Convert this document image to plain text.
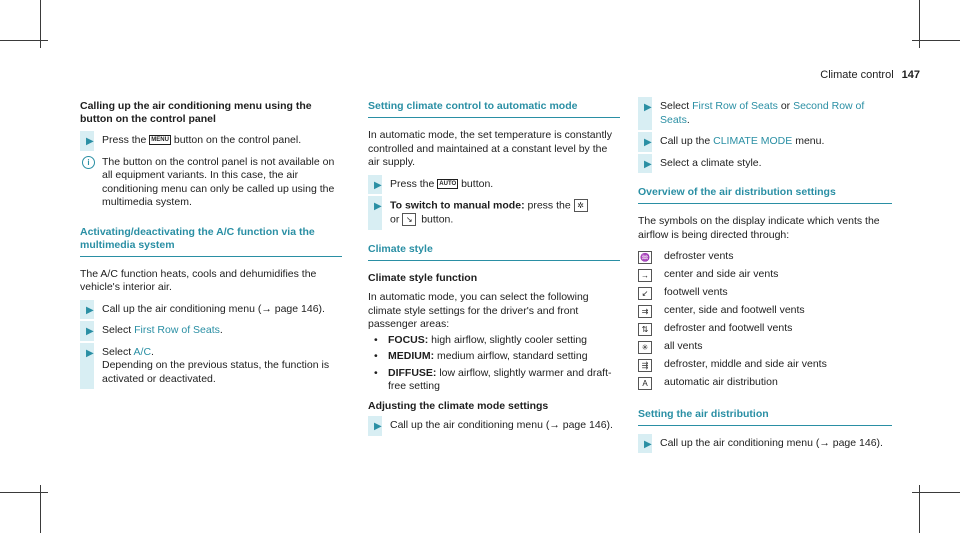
Climate control 147
Calling up the air conditioning menu using the button on the control panel
▶ Press the MENU button on the control panel.
i	The button on the control panel is not available on all equipment variants. In this case, the air conditioning menu can only be called up using the multimedia system.
Activating/deactivating the A/C function via the multimedia system

The A/C function heats, cools and dehumidifies the vehicle's interior air.

▶ Call up the air conditioning menu (→ page 146).
▶ Select First Row of Seats.
▶ Select A/C.
Depending on the previous status, the function is activated or deactivated.
Setting climate control to automatic mode

In automatic mode, the set temperature is constantly controlled and maintained at a constant level by the air supply.

▶ Press the AUTO button.
▶ To switch to manual mode: press the ✲
or ↘ button.
Climate style
Climate style function

In automatic mode, you can select the following climate style settings for the driver's and front passenger areas:

• FOCUS: high airflow, slightly cooler setting
• MEDIUM: medium airflow, standard setting
• DIFFUSE: low airflow, slightly warmer and draft-free setting
Adjusting the climate mode settings
▶ Call up the air conditioning menu (→ page 146).
▶ Select First Row of Seats or Second Row of Seats.
▶ Call up the CLIMATE MODE menu.
▶ Select a climate style.
Overview of the air distribution settings

The symbols on the display indicate which vents the airflow is being directed through:

♒ defroster vents
→ center and side air vents
↙	footwell vents
⇉	center, side and footwell vents
⇅	defroster and footwell vents
✳	all vents
⇶	defroster, middle and side air vents
A	automatic air distribution
Setting the air distribution
▶ Call up the air conditioning menu (→ page 146).
